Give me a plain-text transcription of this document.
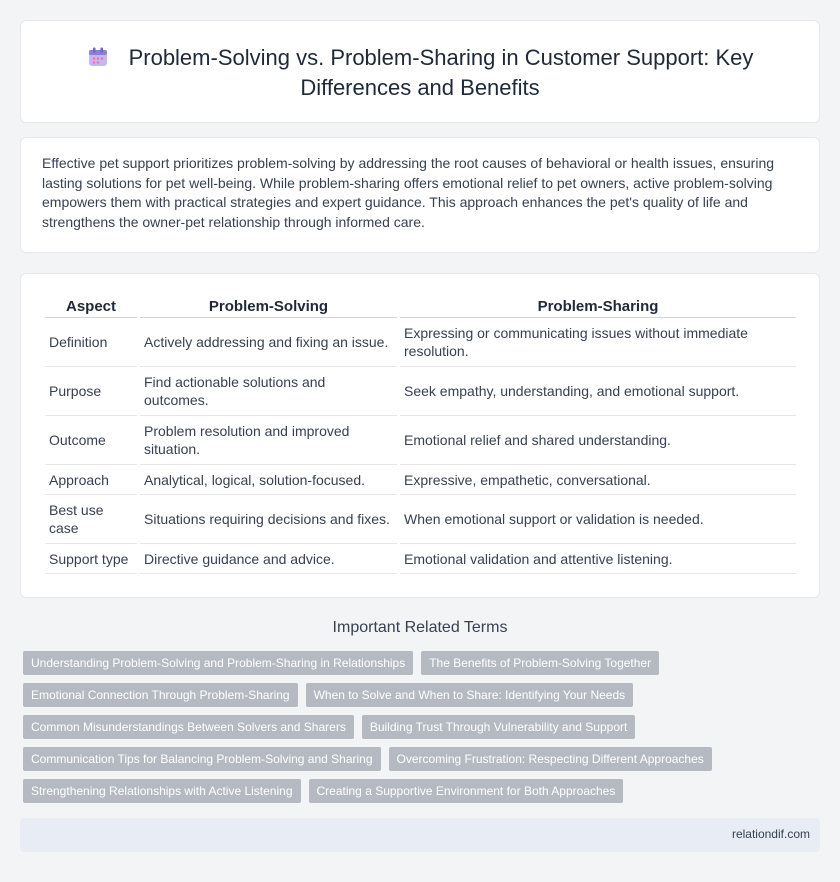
Problem-Solving vs. Problem-Sharing in Customer Support: Key Differences and Benefits

Effective pet support prioritizes problem-solving by addressing the root causes of behavioral or health issues, ensuring lasting solutions for pet well-being. While problem-sharing offers emotional relief to pet owners, active problem-solving empowers them with practical strategies and expert guidance. This approach enhances the pet's quality of life and strengthens the owner-pet relationship through informed care.

Aspect	Problem-Solving	Problem-Sharing
Definition	Actively addressing and fixing an issue.	Expressing or communicating issues without immediate resolution.
Purpose	Find actionable solutions and outcomes.	Seek empathy, understanding, and emotional support.
Outcome	Problem resolution and improved situation.	Emotional relief and shared understanding.
Approach	Analytical, logical, solution-focused.	Expressive, empathetic, conversational.
Best use case	Situations requiring decisions and fixes.	When emotional support or validation is needed.
Support type	Directive guidance and advice.	Emotional validation and attentive listening.
Important Related Terms
Understanding Problem-Solving and Problem-Sharing in Relationships	The Benefits of Problem-Solving Together
Emotional Connection Through Problem-Sharing	When to Solve and When to Share: Identifying Your Needs
Common Misunderstandings Between Solvers and Sharers	Building Trust Through Vulnerability and Support
Communication Tips for Balancing Problem-Solving and Sharing	Overcoming Frustration: Respecting Different Approaches
Strengthening Relationships with Active Listening	Creating a Supportive Environment for Both Approaches
relationdif.com
